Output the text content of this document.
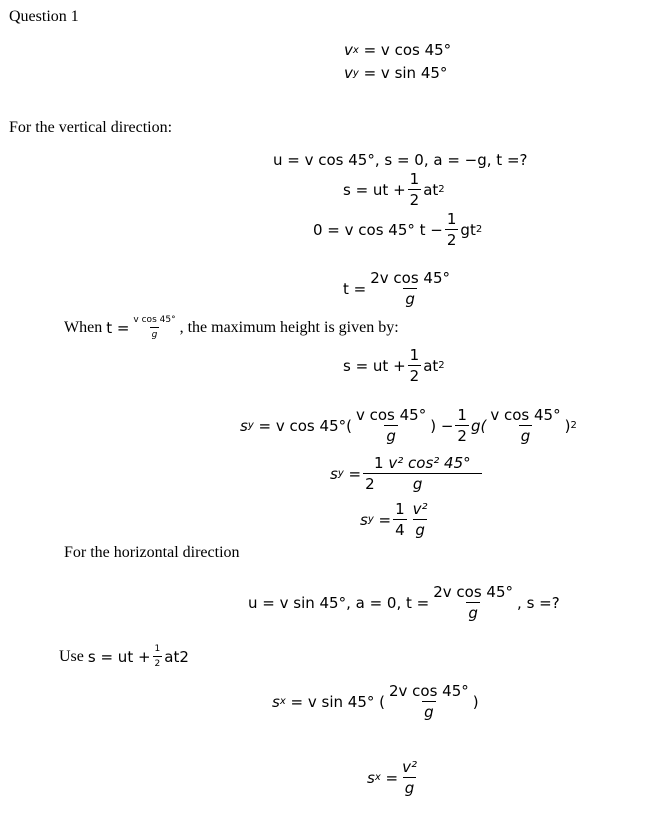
Question 1
v x
= v cos 45°
v y
= v sin 45°
For the vertical direction:
u = v cos 45°, s = 0, a = −g, t =?
s = ut + $\frac{1}{2}$ at 2
0 = v cos 45° $t - \frac{1}{2}$ gt 2
$t = \frac{\text{2v cos 45°}}{g}$
When
$t = \frac{\text{v cos 45°}}{g}$ , the maximum height is given by:
s = ut + $\frac{1}{2}$ at 2
s y
= v $\cos 45^\circ( \frac{\text{v cos 45°}}{g}$ ) − $\frac{1}{2} g( \frac{\text{v cos 45°}}{g}$ ) 2
s y
= 1 v² cos² 45°
2	g
s y
= $\frac{1}{4} \frac{\text{v²}}{g}$
For the horizontal direction
u = v sin 45°, a = 0, $t = \frac{\text{2v cos 45°}}{g}$ , s =?
Use
s = ut + $\frac{1}{2}$ at 2
s x
= v sin 45° ( $\frac{\text{2v cos 45°}}{g}$ )
s x
= $\frac{\text{v²}}{g}$
